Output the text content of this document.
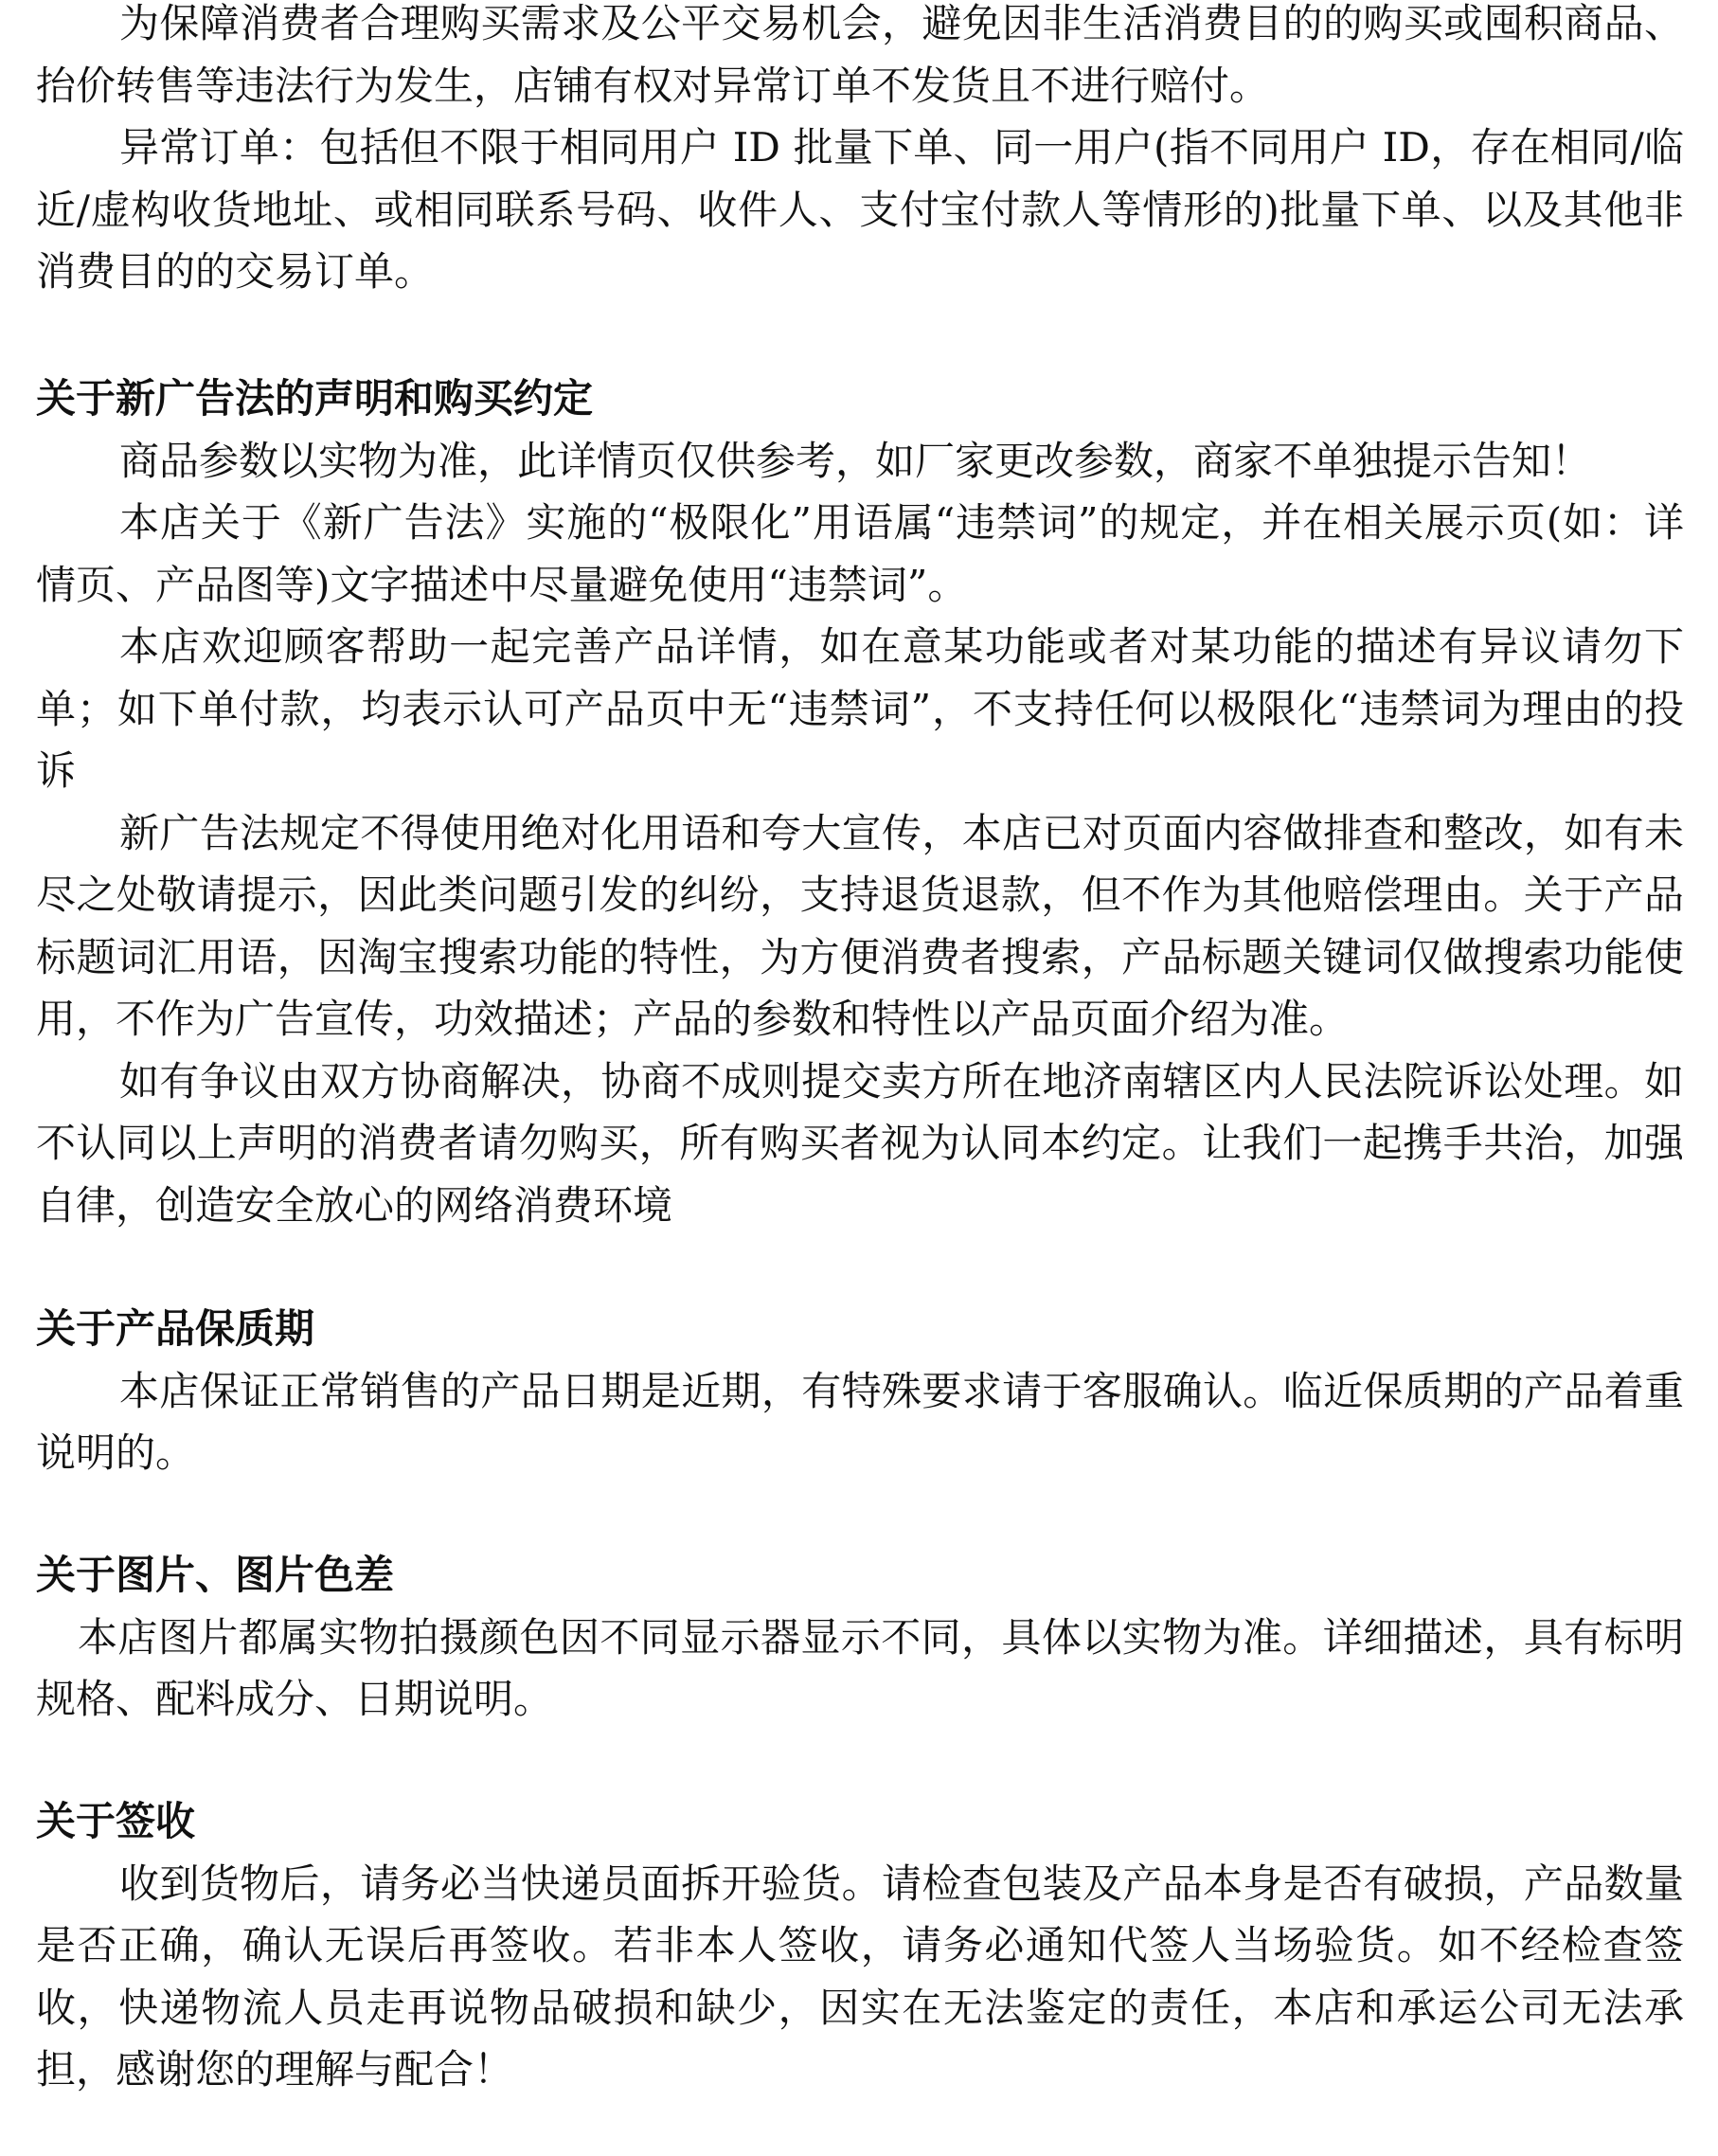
为保障消费者合理购买需求及公平交易机会，避免因非生活消费目的的购买或囤积商品、抬价转售等违法行为发生，店铺有权对异常订单不发货且不进行赔付。

异常订单：包括但不限于相同用户 ID 批量下单、同一用户(指不同用户 ID，存在相同/临近/虚构收货地址、或相同联系号码、收件人、支付宝付款人等情形的)批量下单、以及其他非消费目的的交易订单。

关于新广告法的声明和购买约定

商品参数以实物为准，此详情页仅供参考，如厂家更改参数，商家不单独提示告知！

本店关于《新广告法》实施的“极限化”用语属“违禁词”的规定，并在相关展示页(如：详情页、产品图等)文字描述中尽量避免使用“违禁词”。

本店欢迎顾客帮助一起完善产品详情，如在意某功能或者对某功能的描述有异议请勿下单；如下单付款，均表示认可产品页中无“违禁词”，不支持任何以极限化“违禁词为理由的投诉

新广告法规定不得使用绝对化用语和夸大宣传，本店已对页面内容做排查和整改，如有未尽之处敬请提示，因此类问题引发的纠纷，支持退货退款，但不作为其他赔偿理由。关于产品标题词汇用语，因淘宝搜索功能的特性，为方便消费者搜索，产品标题关键词仅做搜索功能使用，不作为广告宣传，功效描述；产品的参数和特性以产品页面介绍为准。

如有争议由双方协商解决，协商不成则提交卖方所在地济南辖区内人民法院诉讼处理。如不认同以上声明的消费者请勿购买，所有购买者视为认同本约定。让我们一起携手共治，加强自律，创造安全放心的网络消费环境

关于产品保质期

本店保证正常销售的产品日期是近期，有特殊要求请于客服确认。临近保质期的产品着重说明的。

关于图片、图片色差

本店图片都属实物拍摄颜色因不同显示器显示不同，具体以实物为准。详细描述，具有标明规格、配料成分、日期说明。

关于签收

收到货物后，请务必当快递员面拆开验货。请检查包装及产品本身是否有破损，产品数量是否正确，确认无误后再签收。若非本人签收，请务必通知代签人当场验货。如不经检查签收，快递物流人员走再说物品破损和缺少，因实在无法鉴定的责任，本店和承运公司无法承担，感谢您的理解与配合！
